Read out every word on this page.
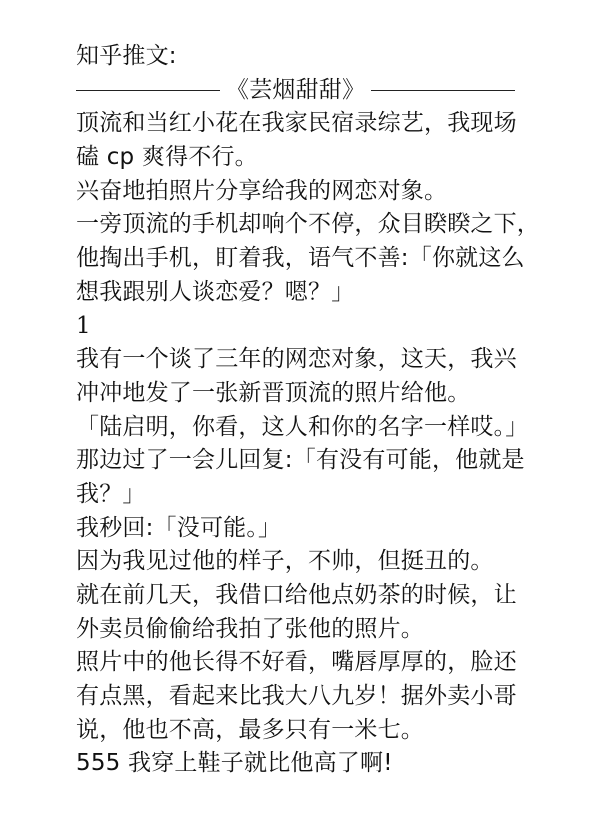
知乎推文:
《芸烟甜甜》
顶流和当红小花在我家民宿录综艺，我现场
磕 cp 爽得不行。
兴奋地拍照片分享给我的网恋对象。
一旁顶流的手机却响个不停，众目睽睽之下，
他掏出手机，盯着我，语气不善:「你就这么
想我跟别人谈恋爱？嗯？」
1
我有一个谈了三年的网恋对象，这天，我兴
冲冲地发了一张新晋顶流的照片给他。
「陆启明，你看，这人和你的名字一样哎。」
那边过了一会儿回复:「有没有可能，他就是
我？」
我秒回:「没可能。」
因为我见过他的样子，不帅，但挺丑的。
就在前几天，我借口给他点奶茶的时候，让
外卖员偷偷给我拍了张他的照片。
照片中的他长得不好看，嘴唇厚厚的，脸还
有点黑，看起来比我大八九岁！据外卖小哥
说，他也不高，最多只有一米七。
555 我穿上鞋子就比他高了啊!
